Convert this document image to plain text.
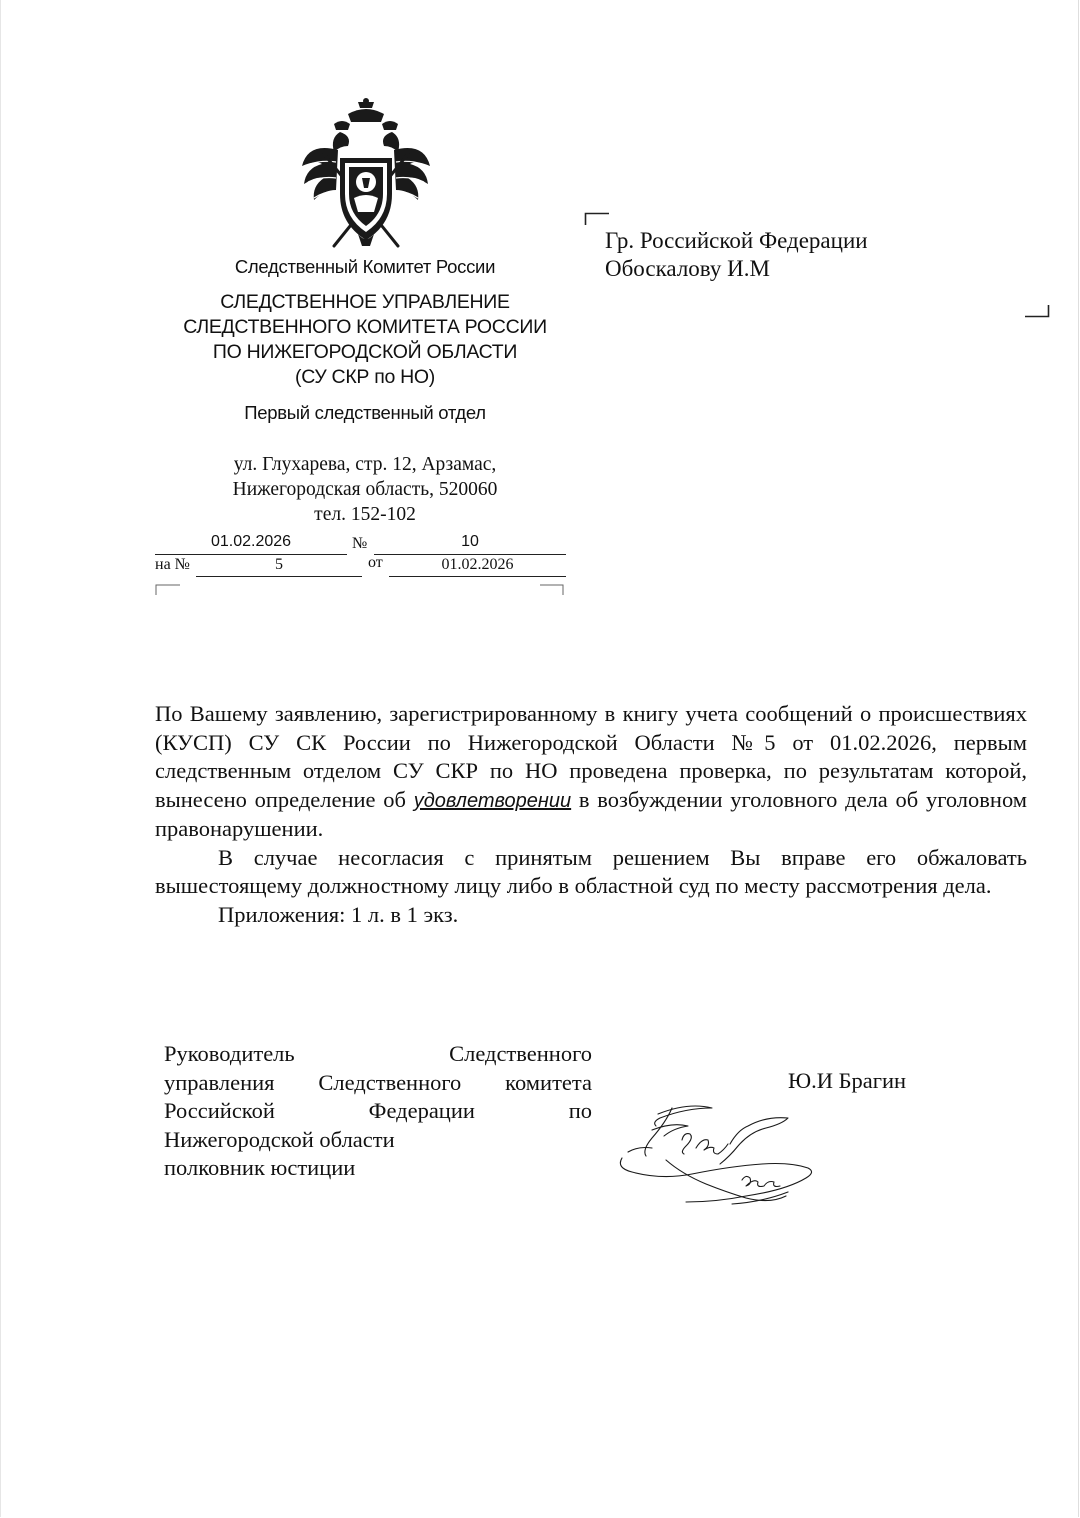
Следственный Комитет России
СЛЕДСТВЕННОЕ УПРАВЛЕНИЕ
СЛЕДСТВЕННОГО КОМИТЕТА РОССИИ
ПО НИЖЕГОРОДСКОЙ ОБЛАСТИ
(СУ СКР по НО)
Первый следственный отдел
ул. Глухарева, стр. 12, Арзамас,
Нижегородская область, 520060
тел. 152-102
01.02.2026	№	10
на №	5	от	01.02.2026
Гр. Российской Федерации
Обоскалову И.М

По Вашему заявлению, зарегистрированному в книгу учета сообщений о происшествиях (КУСП) СУ СК России по Нижегородской Области №5 от 01.02.2026, первым следственным отделом СУ СКР по НО проведена проверка, по результатам которой, вынесено определение об удовлетворении в возбуждении уголовного дела об уголовном правонарушении.

В случае несогласия с принятым решением Вы вправе его обжаловать вышестоящему должностному лицу либо в областной суд по месту рассмотрения дела.

Приложения: 1 л. в 1 экз.

Руководитель Следственного
управления Следственного комитета
Российской Федерации по
Нижегородской области
полковник юстиции
Ю.И Брагин
